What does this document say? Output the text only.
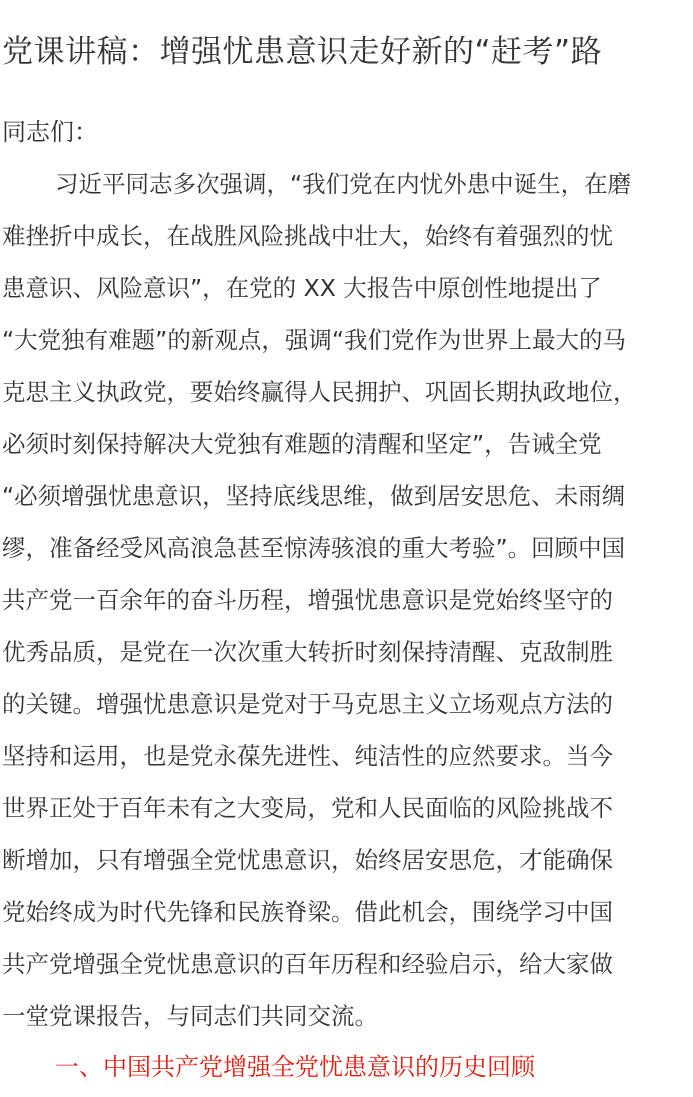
党课讲稿：增强忧患意识走好新的“赶考”路
同志们：
习近平同志多次强调，“我们党在内忧外患中诞生，在磨
难挫折中成长，在战胜风险挑战中壮大，始终有着强烈的忧
患意识、风险意识”，在党的 XX 大报告中原创性地提出了
“大党独有难题”的新观点，强调“我们党作为世界上最大的马
克思主义执政党，要始终赢得人民拥护、巩固长期执政地位，
必须时刻保持解决大党独有难题的清醒和坚定”，告诫全党
“必须增强忧患意识，坚持底线思维，做到居安思危、未雨绸
缪，准备经受风高浪急甚至惊涛骇浪的重大考验”。回顾中国
共产党一百余年的奋斗历程，增强忧患意识是党始终坚守的
优秀品质，是党在一次次重大转折时刻保持清醒、克敌制胜
的关键。增强忧患意识是党对于马克思主义立场观点方法的
坚持和运用，也是党永葆先进性、纯洁性的应然要求。当今
世界正处于百年未有之大变局，党和人民面临的风险挑战不
断增加，只有增强全党忧患意识，始终居安思危，才能确保
党始终成为时代先锋和民族脊梁。借此机会，围绕学习中国
共产党增强全党忧患意识的百年历程和经验启示，给大家做
一堂党课报告，与同志们共同交流。
一、中国共产党增强全党忧患意识的历史回顾
